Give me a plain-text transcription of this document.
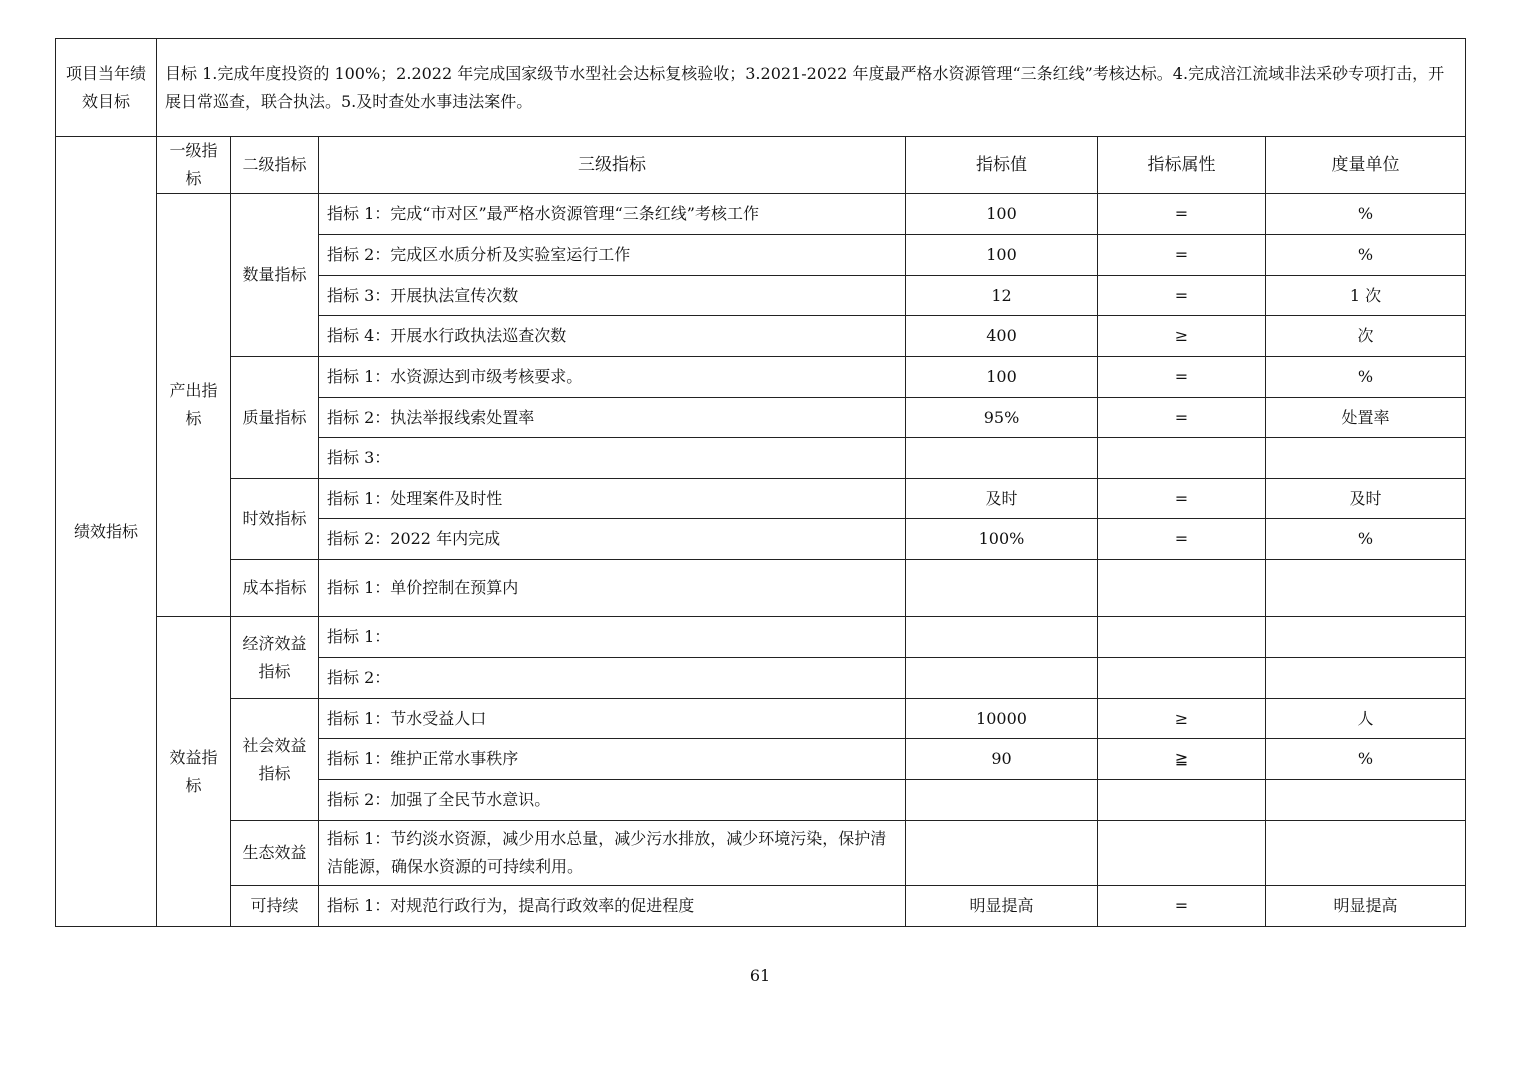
项目当年绩效目标	目标 1.完成年度投资的 100%；2.2022 年完成国家级节水型社会达标复核验收；3.2021-2022 年度最严格水资源管理“三条红线”考核达标。4.完成涪江流域非法采砂专项打击，开展日常巡查，联合执法。5.及时查处水事违法案件。					
绩效指标	一级指标	二级指标	三级指标	指标值	指标属性	度量单位
	产出指标	数量指标	指标 1：完成“市对区”最严格水资源管理“三条红线”考核工作	100	=	%
			指标 2：完成区水质分析及实验室运行工作	100	=	%
			指标 3：开展执法宣传次数	12	=	1 次
			指标 4：开展水行政执法巡查次数	400	≥	次
		质量指标	指标 1：水资源达到市级考核要求。	100	=	%
			指标 2：执法举报线索处置率	95%	=	处置率
			指标 3：			
		时效指标	指标 1：处理案件及时性	及时	=	及时
			指标 2：2022 年内完成	100%	=	%
		成本指标	指标 1：单价控制在预算内			
	效益指标	经济效益指标	指标 1：			
			指标 2：			
		社会效益指标	指标 1：节水受益人口	10000	≥	人
			指标 1：维护正常水事秩序	90	≧	%
			指标 2：加强了全民节水意识。			
		生态效益	指标 1：节约淡水资源，减少用水总量，减少污水排放，减少环境污染，保护清洁能源，确保水资源的可持续利用。			
		可持续	指标 1：对规范行政行为，提高行政效率的促进程度	明显提高	=	明显提高
61
